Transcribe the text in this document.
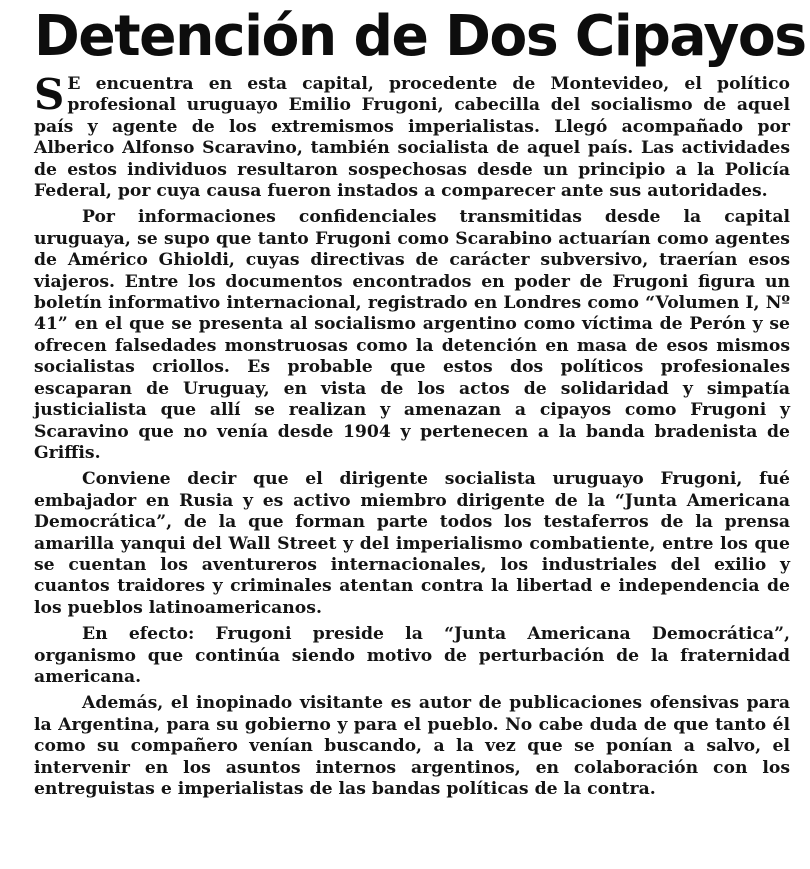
Detención de Dos Cipayos

S E encuentra en esta capital, procedente de Montevideo, el político profesional uruguayo Emilio Frugoni, cabecilla del socialismo de aquel país y agente de los extremismos imperialistas. Llegó acompañado por Alberico Alfonso Scaravino, también socialista de aquel país. Las actividades de estos individuos resultaron sospechosas desde un principio a la Policía Federal, por cuya causa fueron instados a comparecer ante sus autoridades.

Por informaciones confidenciales transmitidas desde la capital uruguaya, se supo que tanto Frugoni como Scarabino actuarían como agentes de Américo Ghioldi, cuyas directivas de carácter subversivo, traerían esos viajeros. Entre los documentos encontrados en poder de Frugoni figura un boletín informativo internacional, registrado en Londres como “Volumen I, Nº 41” en el que se presenta al socialismo argentino como víctima de Perón y se ofrecen falsedades monstruosas como la detención en masa de esos mismos socialistas criollos. Es probable que estos dos políticos profesionales escaparan de Uruguay, en vista de los actos de solidaridad y simpatía justicialista que allí se realizan y amenazan a cipayos como Frugoni y Scaravino que no venía desde 1904 y pertenecen a la banda bradenista de Griffis.

Conviene decir que el dirigente socialista uruguayo Frugoni, fué embajador en Rusia y es activo miembro dirigente de la “Junta Americana Democrática”, de la que forman parte todos los testaferros de la prensa amarilla yanqui del Wall Street y del imperialismo combatiente, entre los que se cuentan los aventureros internacionales, los industriales del exilio y cuantos traidores y criminales atentan contra la libertad e independencia de los pueblos latinoamericanos.

En efecto: Frugoni preside la “Junta Americana Democrática”, organismo que continúa siendo motivo de perturbación de la fraternidad americana.

Además, el inopinado visitante es autor de publicaciones ofensivas para la Argentina, para su gobierno y para el pueblo. No cabe duda de que tanto él como su compañero venían buscando, a la vez que se ponían a salvo, el intervenir en los asuntos internos argentinos, en colaboración con los entreguistas e imperialistas de las bandas políticas de la contra.
